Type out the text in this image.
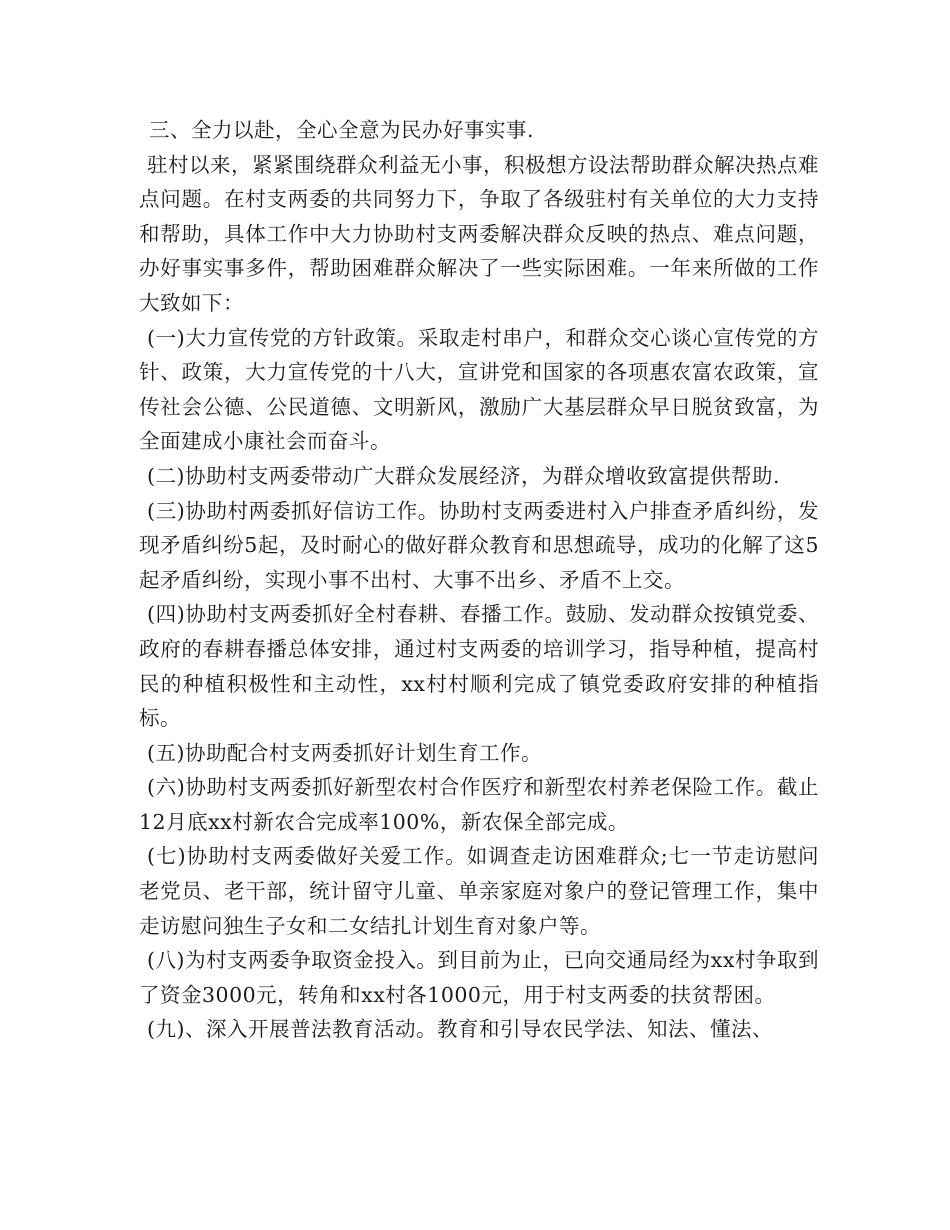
三、全力以赴，全心全意为民办好事实事.

驻村以来，紧紧围绕群众利益无小事，积极想方设法帮助群众解决热点难点问题。在村支两委的共同努力下，争取了各级驻村有关单位的大力支持和帮助，具体工作中大力协助村支两委解决群众反映的热点、难点问题，办好事实事多件，帮助困难群众解决了一些实际困难。一年来所做的工作大致如下：

(一)大力宣传党的方针政策。采取走村串户，和群众交心谈心宣传党的方针、政策，大力宣传党的十八大，宣讲党和国家的各项惠农富农政策，宣传社会公德、公民道德、文明新风，激励广大基层群众早日脱贫致富，为全面建成小康社会而奋斗。

(二)协助村支两委带动广大群众发展经济，为群众增收致富提供帮助.

(三)协助村两委抓好信访工作。协助村支两委进村入户排查矛盾纠纷，发现矛盾纠纷5起，及时耐心的做好群众教育和思想疏导，成功的化解了这5起矛盾纠纷，实现小事不出村、大事不出乡、矛盾不上交。

(四)协助村支两委抓好全村春耕、春播工作。鼓励、发动群众按镇党委、政府的春耕春播总体安排，通过村支两委的培训学习，指导种植，提高村民的种植积极性和主动性，xx村村顺利完成了镇党委政府安排的种植指标。

(五)协助配合村支两委抓好计划生育工作。

(六)协助村支两委抓好新型农村合作医疗和新型农村养老保险工作。截止12月底xx村新农合完成率100%，新农保全部完成。

(七)协助村支两委做好关爱工作。如调查走访困难群众;七一节走访慰问老党员、老干部，统计留守儿童、单亲家庭对象户的登记管理工作，集中走访慰问独生子女和二女结扎计划生育对象户等。

(八)为村支两委争取资金投入。到目前为止，已向交通局经为xx村争取到了资金3000元，转角和xx村各1000元，用于村支两委的扶贫帮困。

(九)、深入开展普法教育活动。教育和引导农民学法、知法、懂法、
